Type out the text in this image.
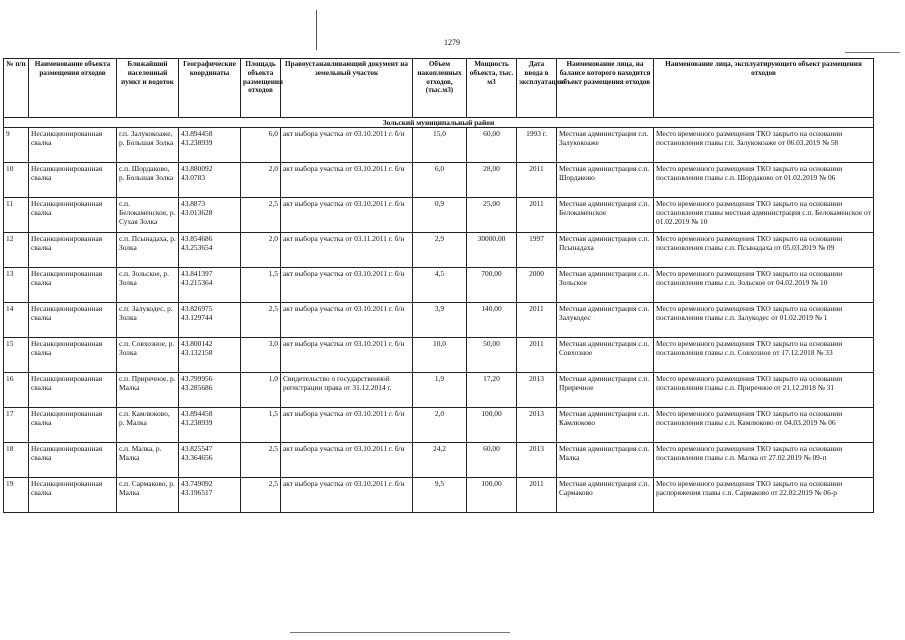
1279
№ п/п	Наименование объекта размещения отходов	Ближайший населенный пункт и водоток	Географические координаты	Площадь объекта размещения отходов	Правоустанавливающий документ на земельный участок	Объем накопленных отходов, (тыс.м3)	Мощность объекта, тыс. м3	Дата ввода в эксплуатацию	Наименование лица, на балансе которого находится объект размещения отходов	Наименование лица, эксплуатирующего объект размещения отходов
Зольский муниципальный район										
9	Несанкционированная свалка	г.п. Залукокоаже, р. Большая Золка	43.894458 43.238939	6,0	акт выбора участка от 03.10.2011 г. б/н	15,0	60,00	1993 г.	Местная администрация г.п. Залукокоаже	Место временного размещения ТКО закрыто на основании постановления главы г.п. Залукокоаже от 06.03.2019 № 58
10	Несанкционированная свалка	с.п. Шордаково, р. Большая Золка	43.880092 43.0783	2,0	акт выбора участка от 03.10.2011 г. б/н	6,0	28,00	2011	Местная администрация с.п. Шордаково	Место временного размещения ТКО закрыто на основании постановления главы с.п. Шордаково от 01.02.2019 № 06
11	Несанкционированная свалка	с.п. Белокаменское, р. Сухая Золка	43.8873 43.013628	2,5	акт выбора участка от 03.10.2011 г. б/н	0,9	25,00	2011	Местная администрация с.п. Белокаменское	Место временного размещения ТКО закрыто на основании постановления главы местная администрация с.п. Белокаменское от 01.02.2019 № 10
12	Несанкционированная свалка	с.п. Псынадаха, р. Золка	43.854686 43.253654	2,0	акт выбора участка от 03.11.2011 г. б/н	2,9	30000,00	1997	Местная администрация с.п. Псынадаха	Место временного размещения ТКО закрыто на основании постановления главы с.п. Псынадаха от 05.03.2019 № 09
13	Несанкционированная свалка	с.п. Зольское, р. Золка	43.841397 43.215364	1,5	акт выбора участка от 03.10.2011 г. б/н	4,5	700,00	2000	Местная администрация с.п. Зольское	Место временного размещения ТКО закрыто на основании постановления главы с.п. Зольское от 04.02.2019 № 10
14	Несанкционированная свалка	с.п. Залукодес, р. Золка	43.826975 43.129744	2,5	акт выбора участка от 03.10.2011 г. б/н	3,9	140,00	2011	Местная администрация с.п. Залукодес	Место временного размещения ТКО закрыто на основании постановления главы с.п. Залукодес от 01.02.2019 № 1
15	Несанкционированная свалка	с.п. Совхозное, р. Золка	43.800142 43.132158	3,0	акт выбора участка от 03.10.2011 г. б/н	10,0	50,00	2011	Местная администрация с.п. Совхозное	Место временного размещения ТКО закрыто на основании постановления главы с.п. Совхозное от 17.12.2018 № 33
16	Несанкционированная свалка	с.п. Приречное, р. Малка	43.799956 43.285686	1,0	Свидетельство о государственной регистрации права от 31.12.2014 г.	1,9	17,20	2013	Местная администрация с.п. Приречное	Место временного размещения ТКО закрыто на основании постановления главы с.п. Приречное от 21.12.2018 № 31
17	Несанкционированная свалка	с.п. Камлюково, р. Малка	43.894458 43.238939	1,5	акт выбора участка от 03.10.2011 г. б/н	2,0	100,00	2013	Местная администрация с.п. Камлюково	Место временного размещения ТКО закрыто на основании постановления главы с.п. Камлюково от 04.03.2019 № 06
18	Несанкционированная свалка	с.п. Малка, р. Малка	43.825547 43.364656	2,5	акт выбора участка от 03.10.2011 г. б/н	24,2	60,00	2013	Местная администрация с.п. Малка	Место временного размещения ТКО закрыто на основании постановления главы с.п. Малка от 27.02.2019 № 09-п
19	Несанкционированная свалка	с.п. Сармаково, р. Малка	43.749092 43.196517	2,5	акт выбора участка от 03.10.2011 г. б/н	9,5	100,00	2011	Местная администрация с.п. Сармаково	Место временного размещения ТКО закрыто на основании распоряжения главы с.п. Сармаково от 22.02.2019 № 06-р
